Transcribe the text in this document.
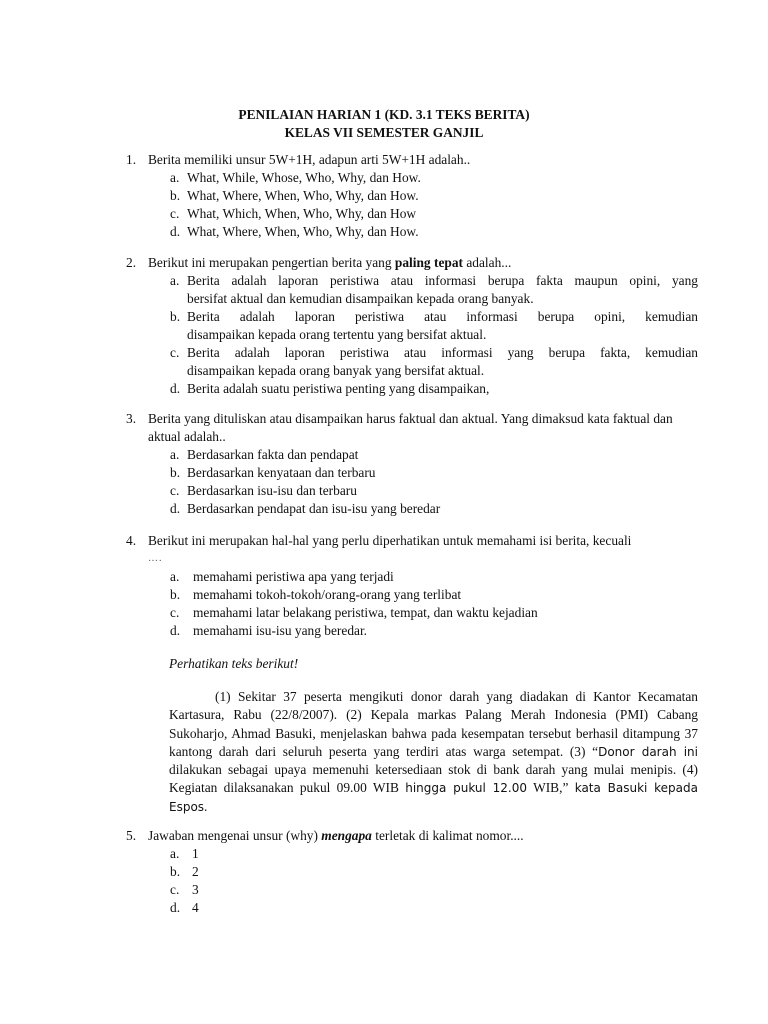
PENILAIAN HARIAN 1 (KD. 3.1 TEKS BERITA)
KELAS VII SEMESTER GANJIL
1. Berita memiliki unsur 5W+1H, adapun arti 5W+1H adalah..
a. What, While, Whose, Who, Why, dan How.
b. What, Where, When, Who, Why, dan How.
c. What, Which, When, Who, Why, dan How
d. What, Where, When, Who, Why, dan How.
2. Berikut ini merupakan pengertian berita yang paling tepat adalah...
a. Berita adalah laporan peristiwa atau informasi berupa fakta maupun opini, yang
bersifat aktual dan kemudian disampaikan kepada orang banyak.
b. Berita adalah laporan peristiwa atau informasi berupa opini, kemudian
disampaikan kepada orang tertentu yang bersifat aktual.
c. Berita adalah laporan peristiwa atau informasi yang berupa fakta, kemudian
disampaikan kepada orang banyak yang bersifat aktual.
d. Berita adalah suatu peristiwa penting yang disampaikan,
3. Berita yang dituliskan atau disampaikan harus faktual dan aktual. Yang dimaksud kata faktual dan aktual adalah..
a. Berdasarkan fakta dan pendapat
b. Berdasarkan kenyataan dan terbaru
c. Berdasarkan isu-isu dan terbaru
d. Berdasarkan pendapat dan isu-isu yang beredar
4. Berikut ini merupakan hal-hal yang perlu diperhatikan untuk memahami isi berita, kecuali
….
a. memahami peristiwa apa yang terjadi
b. memahami tokoh-tokoh/orang-orang yang terlibat
c. memahami latar belakang peristiwa, tempat, dan waktu kejadian
d. memahami isu-isu yang beredar.
Perhatikan teks berikut!
(1) Sekitar 37 peserta mengikuti donor darah yang diadakan di Kantor Kecamatan Kartasura, Rabu (22/8/2007). (2) Kepala markas Palang Merah Indonesia (PMI) Cabang Sukoharjo, Ahmad Basuki, menjelaskan bahwa pada kesempatan tersebut berhasil ditampung 37 kantong darah dari seluruh peserta yang terdiri atas warga setempat. (3) “Donor darah ini dilakukan sebagai upaya memenuhi ketersediaan stok di bank darah yang mulai menipis. (4) Kegiatan dilaksanakan pukul 09.00 WIB hingga pukul 12.00 WIB,” kata Basuki kepada Espos.
5. Jawaban mengenai unsur (why) mengapa terletak di kalimat nomor....
a. 1
b. 2
c. 3
d. 4
